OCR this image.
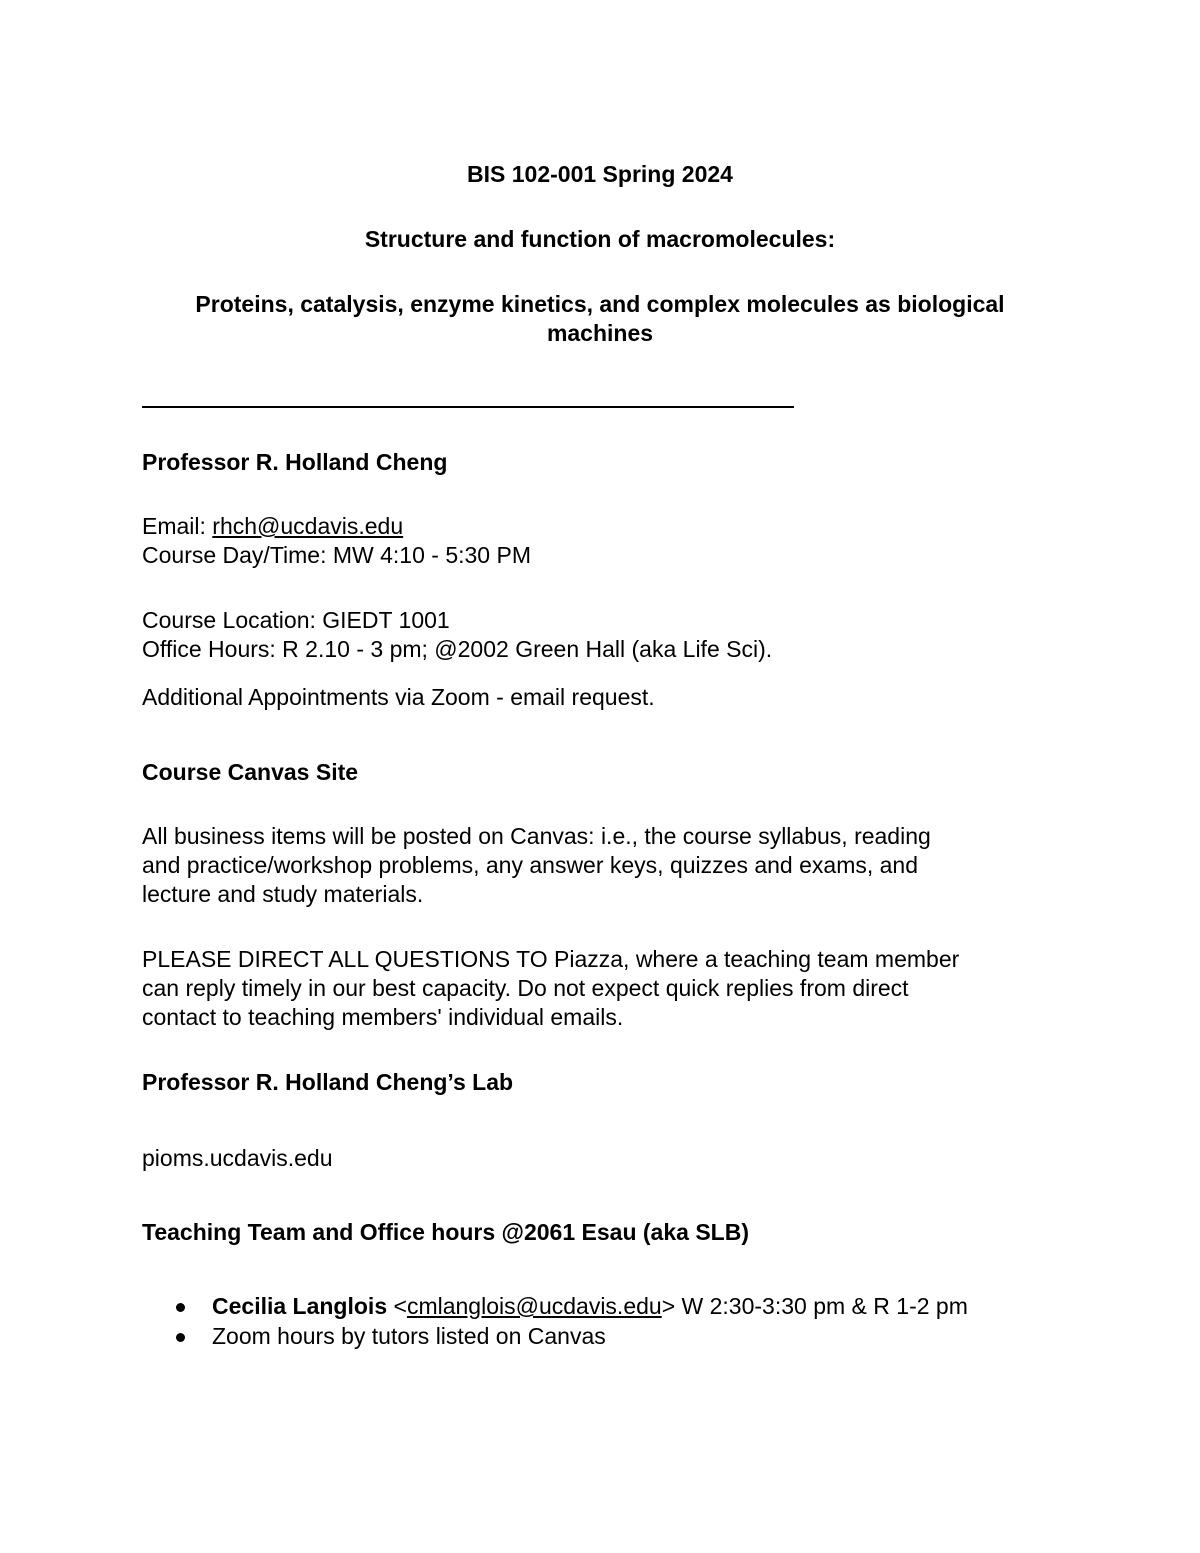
BIS 102-001 Spring 2024
Structure and function of macromolecules:
Proteins, catalysis, enzyme kinetics, and complex molecules as biological
machines
Professor R. Holland Cheng
Email: rhch@ucdavis.edu
Course Day/Time: MW 4:10 - 5:30 PM
Course Location: GIEDT 1001
Office Hours: R 2.10 - 3 pm; @2002 Green Hall (aka Life Sci).
Additional Appointments via Zoom - email request.
Course Canvas Site
All business items will be posted on Canvas: i.e., the course syllabus, reading
and practice/workshop problems, any answer keys, quizzes and exams, and
lecture and study materials.
PLEASE DIRECT ALL QUESTIONS TO Piazza, where a teaching team member
can reply timely in our best capacity. Do not expect quick replies from direct
contact to teaching members' individual emails.
Professor R. Holland Cheng’s Lab
pioms.ucdavis.edu
Teaching Team and Office hours @2061 Esau (aka SLB)
Cecilia Langlois <cmlanglois@ucdavis.edu> W 2:30-3:30 pm & R 1-2 pm
Zoom hours by tutors listed on Canvas
